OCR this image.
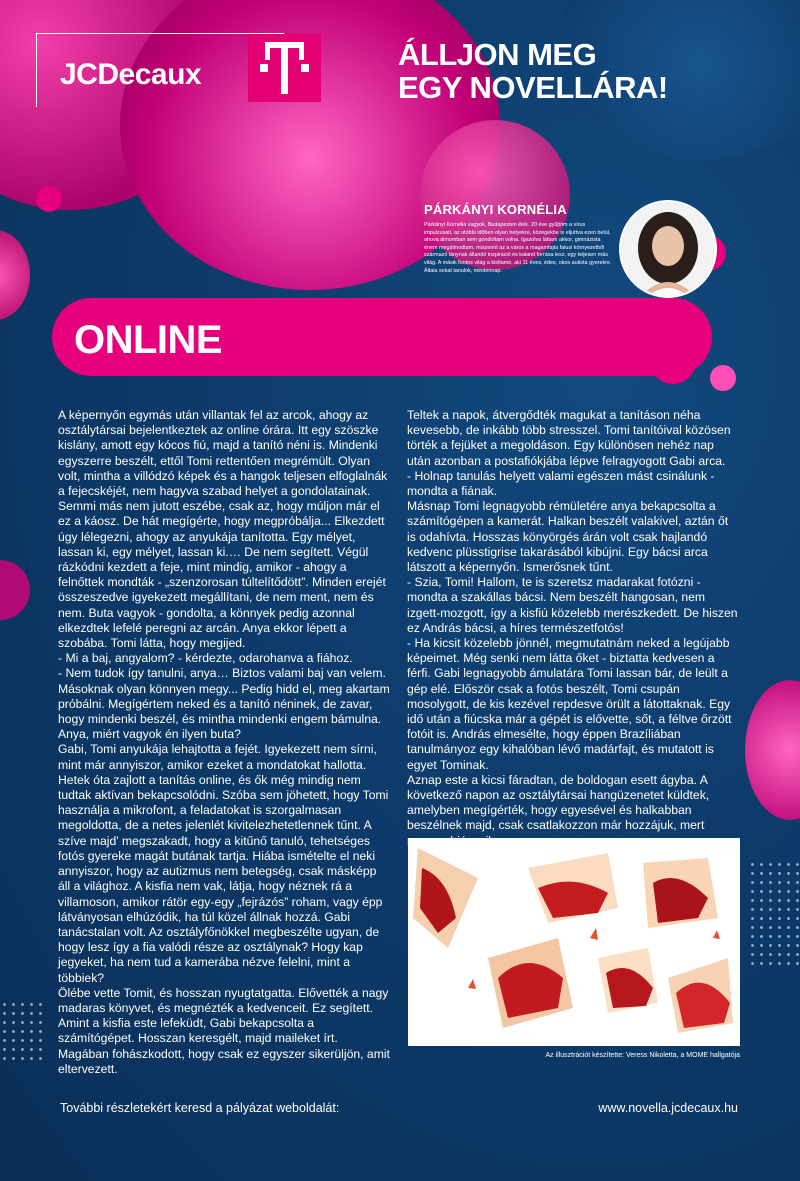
JCDecaux
ÁLLJON MEG
EGY NOVELLÁRA!
PÁRKÁNYI KORNÉLIA
Párkányi Kornélia vagyok, Budapesten élek. 20 éve gyűjtöm a vírus impulzusait, az utóbbi időben olyan helyekre, közegekbe is eljuttva ezen belül, ahova álmomban sem gondoltam volna. Igazolva láttam akkor, gimnázista énem megálmodtam, miszerint az a város a magamfajta falusi környezetből származó lánynak állandó inspiráció és kaland forrása lesz, egy teljesen más világ. A másik fontos világ a kisfiamé, aki 11 éves, édes, okos autista gyerekre. Általa sokat tanulok, mindennap.
ONLINE

A képernyőn egymás után villantak fel az arcok, ahogy az osztálytársai bejelentkeztek az online órára. Itt egy szöszke kislány, amott egy kócos fiú, majd a tanító néni is. Mindenki egyszerre beszélt, ettől Tomi rettentően megrémült. Olyan volt, mintha a villódzó képek és a hangok teljesen elfoglalnák a fejecskéjét, nem hagyva szabad helyet a gondolatainak. Semmi más nem jutott eszébe, csak az, hogy múljon már el ez a káosz. De hát megígérte, hogy megpróbálja... Elkezdett úgy lélegezni, ahogy az anyukája tanította. Egy mélyet, lassan ki, egy mélyet, lassan ki.… De nem segített. Végül rázkódni kezdett a feje, mint mindig, amikor - ahogy a felnőttek mondták - „szenzorosan túltelítődött”. Minden erejét összeszedve igyekezett megállítani, de nem ment, nem és nem. Buta vagyok - gondolta, a könnyek pedig azonnal elkezdtek lefelé peregni az arcán. Anya ekkor lépett a szobába. Tomi látta, hogy megijed.

- Mi a baj, angyalom? - kérdezte, odarohanva a fiához.

- Nem tudok így tanulni, anya… Biztos valami baj van velem. Másoknak olyan könnyen megy... Pedig hidd el, meg akartam próbálni. Megígértem neked és a tanító néninek, de zavar, hogy mindenki beszél, és mintha mindenki engem bámulna. Anya, miért vagyok én ilyen buta?

Gabi, Tomi anyukája lehajtotta a fejét. Igyekezett nem sírni, mint már annyiszor, amikor ezeket a mondatokat hallotta. Hetek óta zajlott a tanítás online, és ők még mindig nem tudtak aktívan bekapcsolódni. Szóba sem jöhetett, hogy Tomi használja a mikrofont, a feladatokat is szorgalmasan megoldotta, de a netes jelenlét kivitelezhetetlennek tűnt. A szíve majd' megszakadt, hogy a kitűnő tanuló, tehetséges fotós gyereke magát butának tartja. Hiába ismételte el neki annyiszor, hogy az autizmus nem betegség, csak másképp áll a világhoz. A kisfia nem vak, látja, hogy néznek rá a villamoson, amikor rátör egy-egy „fejrázós” roham, vagy épp látványosan elhúzódik, ha túl közel állnak hozzá. Gabi tanácstalan volt. Az osztályfőnökkel megbeszélte ugyan, de hogy lesz így a fia valódi része az osztálynak? Hogy kap jegyeket, ha nem tud a kamerába nézve felelni, mint a többiek?

Ölébe vette Tomit, és hosszan nyugtatgatta. Elővették a nagy madaras könyvet, és megnézték a kedvenceit. Ez segített.

Amint a kisfia este lefeküdt, Gabi bekapcsolta a számítógépet. Hosszan keresgélt, majd maileket írt. Magában fohászkodott, hogy csak ez egyszer sikerüljön, amit eltervezett.

Teltek a napok, átvergődték magukat a tanításon néha kevesebb, de inkább több stresszel. Tomi tanítóival közösen törték a fejüket a megoldáson. Egy különösen nehéz nap után azonban a postafiókjába lépve felragyogott Gabi arca.

- Holnap tanulás helyett valami egészen mást csinálunk - mondta a fiának.

Másnap Tomi legnagyobb rémületére anya bekapcsolta a számítógépen a kamerát. Halkan beszélt valakivel, aztán őt is odahívta. Hosszas könyörgés árán volt csak hajlandó kedvenc plüsstigrise takarásából kibújni. Egy bácsi arca látszott a képernyőn. Ismerősnek tűnt.

- Szia, Tomi! Hallom, te is szeretsz madarakat fotózni - mondta a szakállas bácsi. Nem beszélt hangosan, nem izgett-mozgott, így a kisfiú közelebb merészkedett. De hiszen ez András bácsi, a híres természetfotós!

- Ha kicsit közelebb jönnél, megmutatnám neked a legújabb képeimet. Még senki nem látta őket - biztatta kedvesen a férfi. Gabi legnagyobb ámulatára Tomi lassan bár, de leült a gép elé. Először csak a fotós beszélt, Tomi csupán mosolygott, de kis kezével repdesve örült a látottaknak. Egy idő után a fiúcska már a gépét is elővette, sőt, a féltve őrzött fotóit is. András elmesélte, hogy éppen Brazíliában tanulmányoz egy kihalóban lévő madárfajt, és mutatott is egyet Tominak.

Aznap este a kicsi fáradtan, de boldogan esett ágyba. A következő napon az osztálytársai hangüzenetet küldtek, amelyben megígérték, hogy egyesével és halkabban beszélnek majd, csak csatlakozzon már hozzájuk, mert

Az illusztrációt készítette: Veress Nikoletta, a MOME hallgatója
További részletekért keresd a pályázat weboldalát:	www.novella.jcdecaux.hu
